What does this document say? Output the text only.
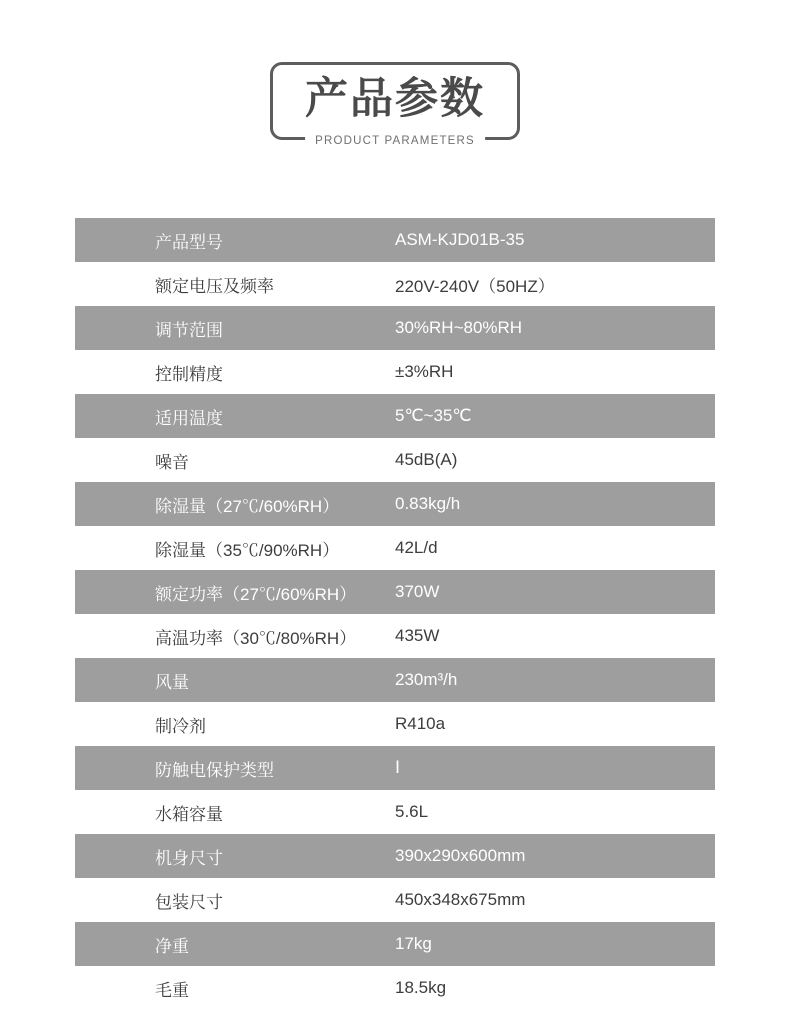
产品参数
PRODUCT PARAMETERS
产品型号	ASM-KJD01B-35
额定电压及频率	220V-240V（50HZ）
调节范围	30%RH~80%RH
控制精度	±3%RH
适用温度	5℃~35℃
噪音	45dB(A)
除湿量（27℃/60%RH）	0.83kg/h
除湿量（35℃/90%RH）	42L/d
额定功率（27℃/60%RH）	370W
高温功率（30℃/80%RH）	435W
风量	230m³/h
制冷剂	R410a
防触电保护类型	Ⅰ
水箱容量	5.6L
机身尺寸	390x290x600mm
包装尺寸	450x348x675mm
净重	17kg
毛重	18.5kg
